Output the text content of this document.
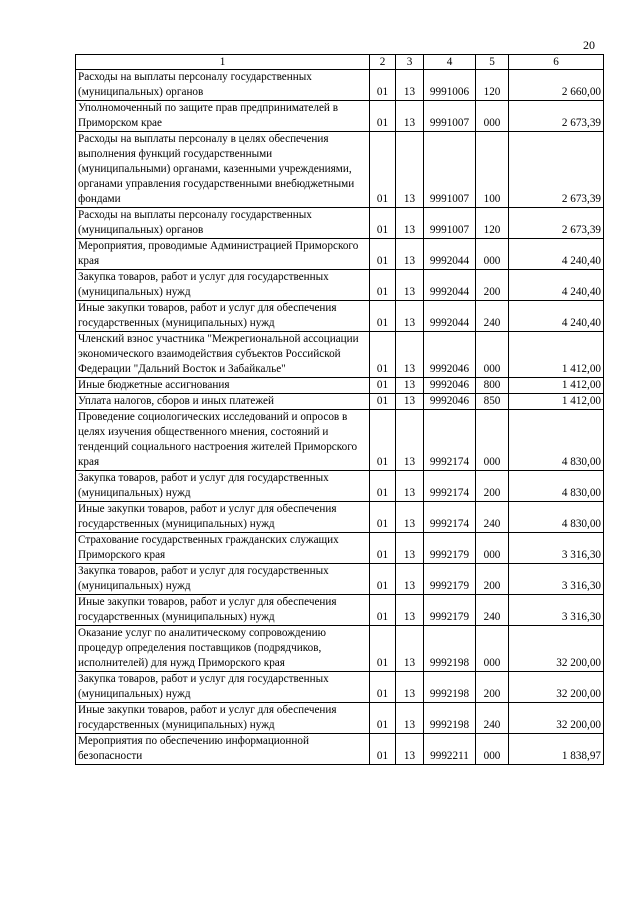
20
1	2	3	4	5	6
Расходы на выплаты персоналу государственных (муниципальных) органов	01	13	9991006	120	2 660,00
Уполномоченный по защите прав предпринимателей в Приморском крае	01	13	9991007	000	2 673,39
Расходы на выплаты персоналу в целях обеспечения выполнения функций государственными (муниципальными) органами, казенными учреждениями, органами управления государственными внебюджетными фондами	01	13	9991007	100	2 673,39
Расходы на выплаты персоналу государственных (муниципальных) органов	01	13	9991007	120	2 673,39
Мероприятия, проводимые Администрацией Приморского края	01	13	9992044	000	4 240,40
Закупка товаров, работ и услуг для государственных (муниципальных) нужд	01	13	9992044	200	4 240,40
Иные закупки товаров, работ и услуг для обеспечения государственных (муниципальных) нужд	01	13	9992044	240	4 240,40
Членский взнос участника "Межрегиональной ассоциации экономического взаимодействия субъектов Российской Федерации "Дальний Восток и Забайкалье"	01	13	9992046	000	1 412,00
Иные бюджетные ассигнования	01	13	9992046	800	1 412,00
Уплата налогов, сборов и иных платежей	01	13	9992046	850	1 412,00
Проведение социологических исследований и опросов в целях изучения общественного мнения, состояний и тенденций социального настроения жителей Приморского края	01	13	9992174	000	4 830,00
Закупка товаров, работ и услуг для государственных (муниципальных) нужд	01	13	9992174	200	4 830,00
Иные закупки товаров, работ и услуг для обеспечения государственных (муниципальных) нужд	01	13	9992174	240	4 830,00
Страхование государственных гражданских служащих Приморского края	01	13	9992179	000	3 316,30
Закупка товаров, работ и услуг для государственных (муниципальных) нужд	01	13	9992179	200	3 316,30
Иные закупки товаров, работ и услуг для обеспечения государственных (муниципальных) нужд	01	13	9992179	240	3 316,30
Оказание услуг по аналитическому сопровождению процедур определения поставщиков (подрядчиков, исполнителей) для нужд Приморского края	01	13	9992198	000	32 200,00
Закупка товаров, работ и услуг для государственных (муниципальных) нужд	01	13	9992198	200	32 200,00
Иные закупки товаров, работ и услуг для обеспечения государственных (муниципальных) нужд	01	13	9992198	240	32 200,00
Мероприятия по обеспечению информационной безопасности	01	13	9992211	000	1 838,97
